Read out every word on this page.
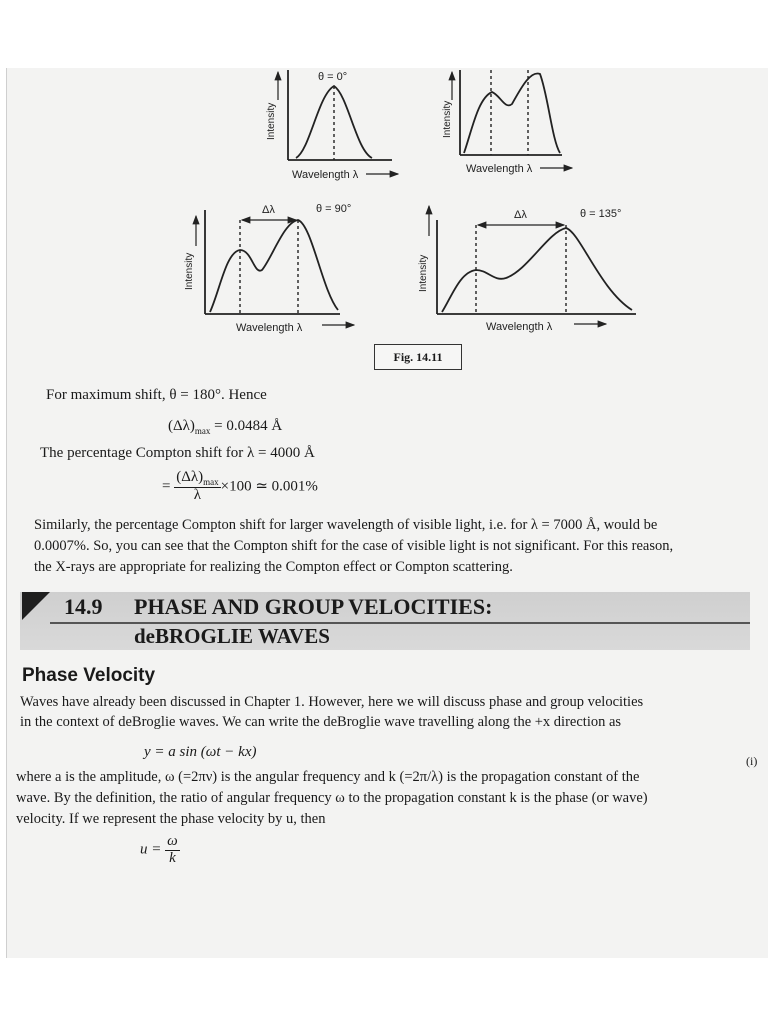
Intensity
Wavelength λ
θ = 0°
Intensity
Wavelength λ
Δλ	θ = 90°
Intensity
Wavelength λ
Δλ	θ = 135°
Intensity
Wavelength λ
Fig. 14.11
For maximum shift, θ = 180°. Hence
$(\Delta\lambda)_{max} = 0.0484$ Å
The percentage Compton shift for λ = 4000 Å
= $\frac{(\Delta\lambda)_{max}}{\lambda} \times 100$ ≃ 0.001%
Similarly, the percentage Compton shift for larger wavelength of visible light, i.e. for λ = 7000 Å, would be
0.0007%. So, you can see that the Compton shift for the case of visible light is not significant. For this reason,
the X-rays are appropriate for realizing the Compton effect or Compton scattering.
14.9 PHASE AND GROUP VELOCITIES:
deBROGLIE WAVES
Phase Velocity
Waves have already been discussed in Chapter 1. However, here we will discuss phase and group velocities
in the context of deBroglie waves. We can write the deBroglie wave travelling along the +x direction as
y = a sin (ωt − kx)
(i)
where a is the amplitude, ω (=2πν) is the angular frequency and k (=2π/λ) is the propagation constant of the
wave. By the definition, the ratio of angular frequency ω to the propagation constant k is the phase (or wave)
velocity. If we represent the phase velocity by u, then
$u = \frac{\omega}{k}$
